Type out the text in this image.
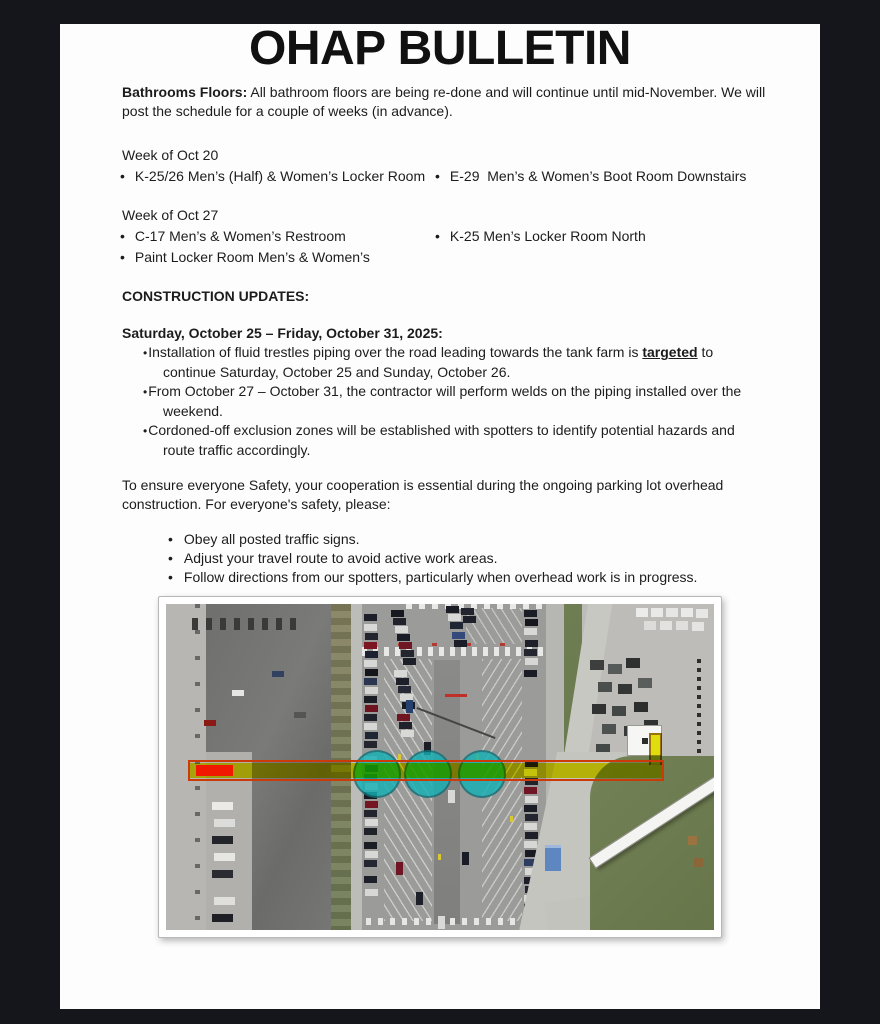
OHAP BULLETIN

Bathrooms Floors: All bathroom floors are being re-done and will continue until mid-November. We will
post the schedule for a couple of weeks (in advance).

Week of Oct 20
• K-25/26 Men’s (Half) & Women’s Locker Room	• E-29  Men’s & Women’s Boot Room Downstairs
Week of Oct 27
• C-17 Men’s & Women’s Restroom	• K-25 Men’s Locker Room North
• Paint Locker Room Men’s & Women’s
CONSTRUCTION UPDATES:
Saturday, October 25 – Friday, October 31, 2025:
• Installation of fluid trestles piping over the road leading towards the tank farm is targeted to
continue Saturday, October 25 and Sunday, October 26.
• From October 27 – October 31, the contractor will perform welds on the piping installed over the
weekend.
• Cordoned-off exclusion zones will be established with spotters to identify potential hazards and
route traffic accordingly.

To ensure everyone Safety, your cooperation is essential during the ongoing parking lot overhead
construction. For everyone's safety, please:

• Obey all posted traffic signs.
• Adjust your travel route to avoid active work areas.
• Follow directions from our spotters, particularly when overhead work is in progress.
